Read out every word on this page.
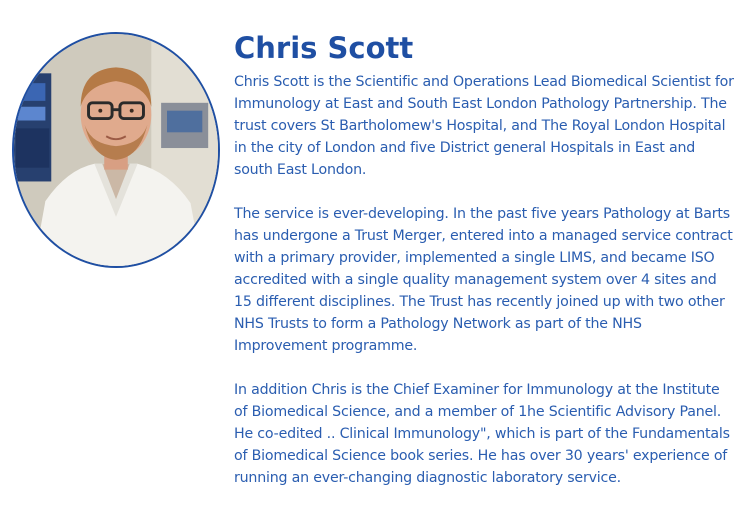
Chris Scott

Chris Scott is the Scientific and Operations Lead Biomedical Scientist for Immunology at East and South East London Pathology Partnership. The trust covers St Bartholomew's Hospital, and The Royal London Hospital in the city of London and five District general Hospitals in East and south East London.

The service is ever-developing. In the past five years Pathology at Barts has undergone a Trust Merger, entered into a managed service contract with a primary provider, implemented a single LIMS, and became ISO accredited with a single quality management system over 4 sites and 15 different disciplines. The Trust has recently joined up with two other NHS Trusts to form a Pathology Network as part of the NHS Improvement programme.

In addition Chris is the Chief Examiner for Immunology at the Institute of Biomedical Science, and a member of 1he Scientific Advisory Panel. He co-edited .. Clinical Immunology", which is part of the Fundamentals of Biomedical Science book series. He has over 30 years' experience of running an ever-changing diagnostic laboratory service.
